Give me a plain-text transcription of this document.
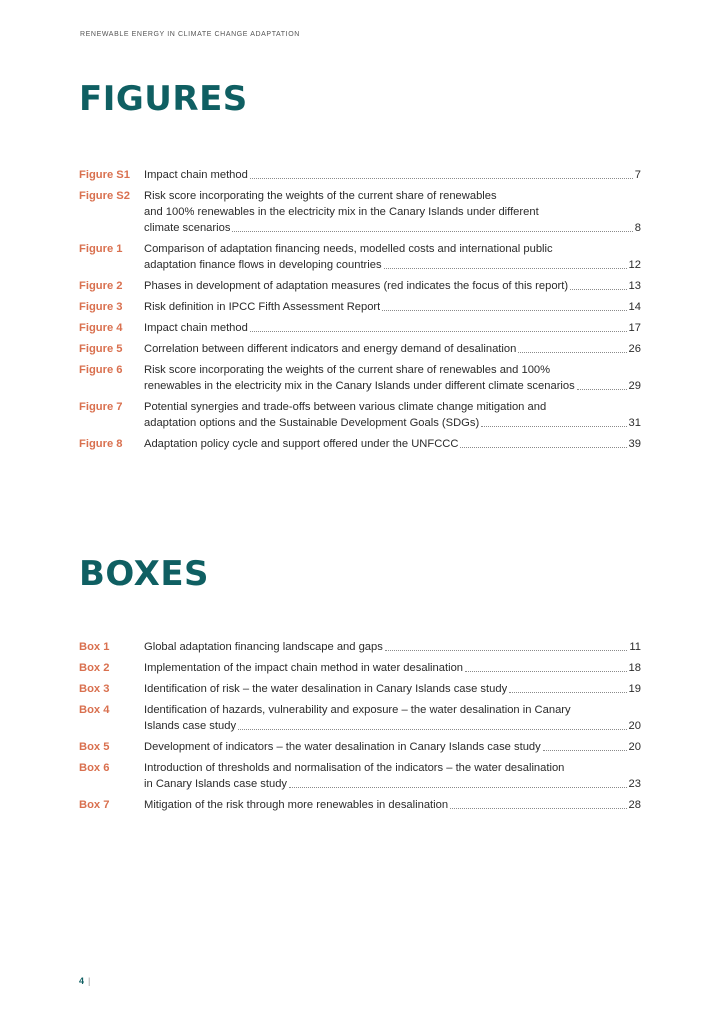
RENEWABLE ENERGY IN CLIMATE CHANGE ADAPTATION
FIGURES
Figure S1	Impact chain method	7
Figure S2	Risk score incorporating the weights of the current share of renewables
and 100% renewables in the electricity mix in the Canary Islands under different
climate scenarios	8
Figure 1	Comparison of adaptation financing needs, modelled costs and international public
adaptation finance flows in developing countries	12
Figure 2	Phases in development of adaptation measures (red indicates the focus of this report)	13
Figure 3	Risk definition in IPCC Fifth Assessment Report	14
Figure 4	Impact chain method	17
Figure 5	Correlation between different indicators and energy demand of desalination	26
Figure 6	Risk score incorporating the weights of the current share of renewables and 100%
renewables in the electricity mix in the Canary Islands under different climate scenarios	29
Figure 7	Potential synergies and trade-offs between various climate change mitigation and
adaptation options and the Sustainable Development Goals (SDGs)	31
Figure 8	Adaptation policy cycle and support offered under the UNFCCC	39
BOXES
Box 1	Global adaptation financing landscape and gaps	11
Box 2	Implementation of the impact chain method in water desalination	18
Box 3	Identification of risk – the water desalination in Canary Islands case study	19
Box 4	Identification of hazards, vulnerability and exposure – the water desalination in Canary
Islands case study	20
Box 5	Development of indicators – the water desalination in Canary Islands case study	20
Box 6	Introduction of thresholds and normalisation of the indicators – the water desalination
in Canary Islands case study	23
Box 7	Mitigation of the risk through more renewables in desalination	28
4 |
